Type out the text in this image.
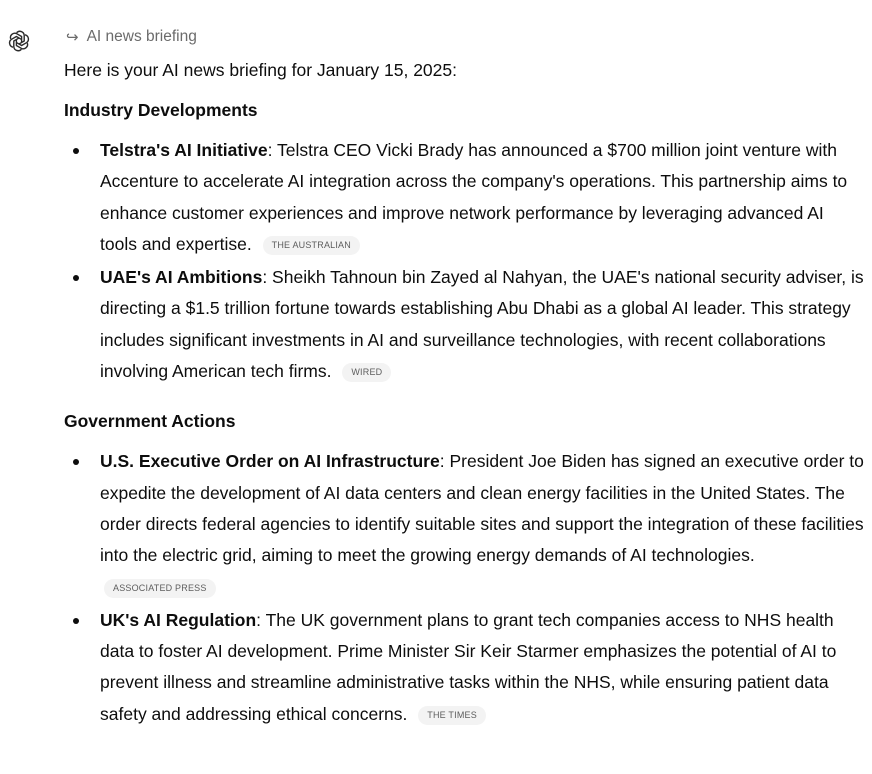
↪ AI news briefing
Here is your AI news briefing for January 15, 2025:
Industry Developments
Telstra's AI Initiative: Telstra CEO Vicki Brady has announced a $700 million joint venture with Accenture to accelerate AI integration across the company's operations. This partnership aims to enhance customer experiences and improve network performance by leveraging advanced AI tools and expertise. THE AUSTRALIAN
UAE's AI Ambitions: Sheikh Tahnoun bin Zayed al Nahyan, the UAE's national security adviser, is directing a $1.5 trillion fortune towards establishing Abu Dhabi as a global AI leader. This strategy includes significant investments in AI and surveillance technologies, with recent collaborations involving American tech firms. WIRED
Government Actions
U.S. Executive Order on AI Infrastructure: President Joe Biden has signed an executive order to expedite the development of AI data centers and clean energy facilities in the United States. The order directs federal agencies to identify suitable sites and support the integration of these facilities into the electric grid, aiming to meet the growing energy demands of AI technologies.
ASSOCIATED PRESS
UK's AI Regulation: The UK government plans to grant tech companies access to NHS health data to foster AI development. Prime Minister Sir Keir Starmer emphasizes the potential of AI to prevent illness and streamline administrative tasks within the NHS, while ensuring patient data safety and addressing ethical concerns. THE TIMES
